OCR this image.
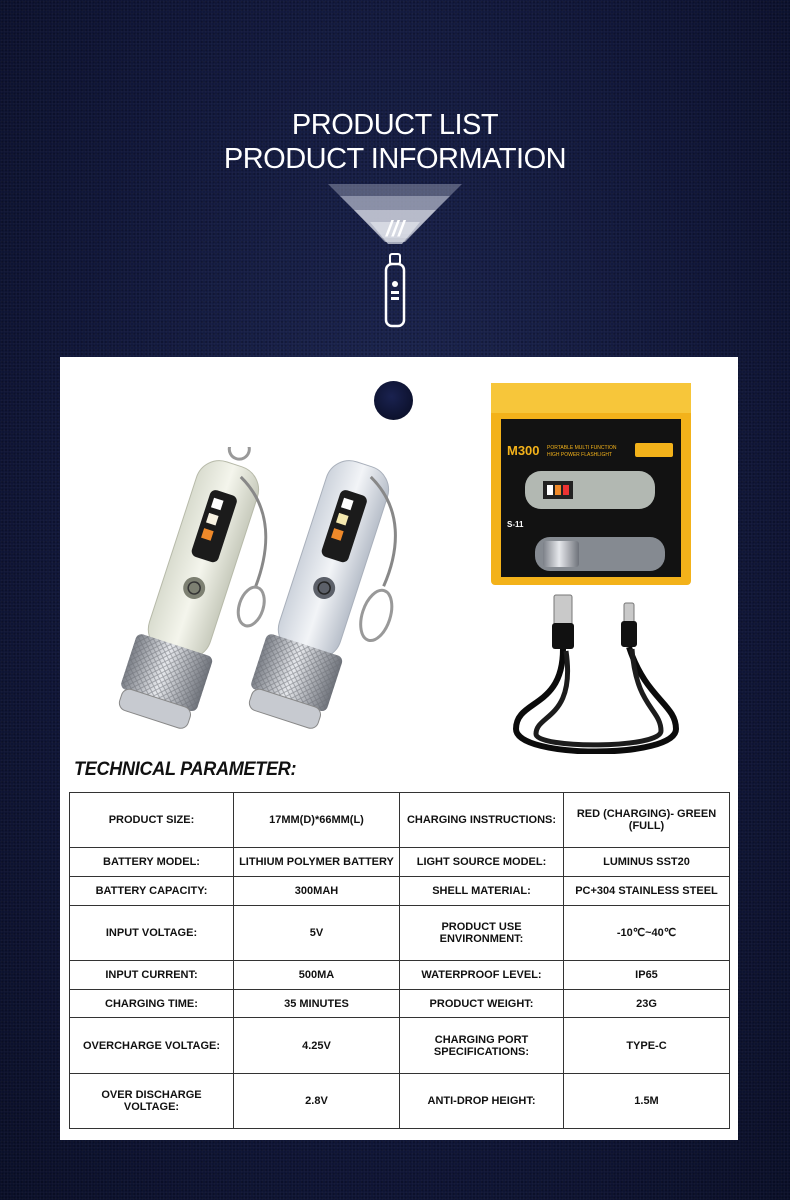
PRODUCT LIST
PRODUCT INFORMATION
///
M300 PORTABLE MULTI FUNCTION
HIGH POWER FLASHLIGHT
S-11
TECHNICAL PARAMETER:
PRODUCT SIZE:	17MM(D)*66MM(L)	CHARGING INSTRUCTIONS:	RED (CHARGING)- GREEN (FULL)
BATTERY MODEL:	LITHIUM POLYMER BATTERY	LIGHT SOURCE MODEL:	LUMINUS SST20
BATTERY CAPACITY:	300MAH	SHELL MATERIAL:	PC+304 STAINLESS STEEL
INPUT VOLTAGE:	5V	PRODUCT USE ENVIRONMENT:	-10℃~40℃
INPUT CURRENT:	500MA	WATERPROOF LEVEL:	IP65
CHARGING TIME:	35 MINUTES	PRODUCT WEIGHT:	23G
OVERCHARGE VOLTAGE:	4.25V	CHARGING PORT SPECIFICATIONS:	TYPE-C
OVER DISCHARGE VOLTAGE:	2.8V	ANTI-DROP HEIGHT:	1.5M
